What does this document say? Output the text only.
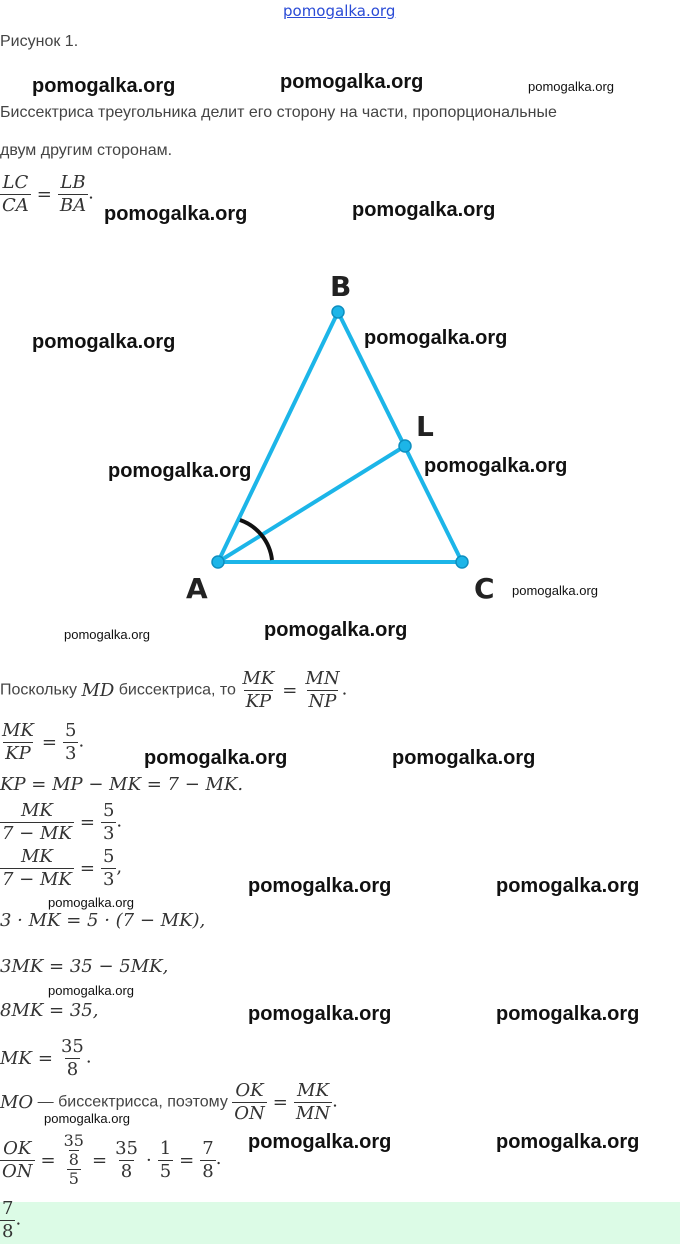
pomogalka.org
Рисунок 1.
pomogalka.org	pomogalka.org	pomogalka.org
Биссектриса треугольника делит его сторону на части, пропорциональные
двум другим сторонам.
$\frac{LC}{CA} = \frac{LB}{BA}$ .
pomogalka.org	pomogalka.org
A
B
C
L
pomogalka.org	pomogalka.org
pomogalka.org	pomogalka.org
pomogalka.org
pomogalka.org	pomogalka.org
Поскольку MD биссектриса, то $\frac{MK}{KP} = \frac{MN}{NP}$ .
$\frac{MK}{KP} = \frac{5}{3}$ .
pomogalka.org	pomogalka.org
KP = MP − MK = 7 − MK.
$\frac{MK}{7 - MK} = \frac{5}{3}$ .
$\frac{MK}{7 - MK} = \frac{5}{3}$ ,
pomogalka.org	pomogalka.org
pomogalka.org
3 · MK = 5 · (7 − MK),
3MK = 35 − 5MK,
pomogalka.org
8MK = 35,	pomogalka.org	pomogalka.org
MK = $\frac{35}{8}$ .
MO — биссектрисса, поэтому $\frac{OK}{ON} = \frac{MK}{MN}$ .
pomogalka.org
pomogalka.org	pomogalka.org
$\frac{OK}{ON} = 35$
8
$5 = \frac{35}{8} \cdot \frac{1}{5} = \frac{7}{8}$ .
$\frac{7}{8}$ .
